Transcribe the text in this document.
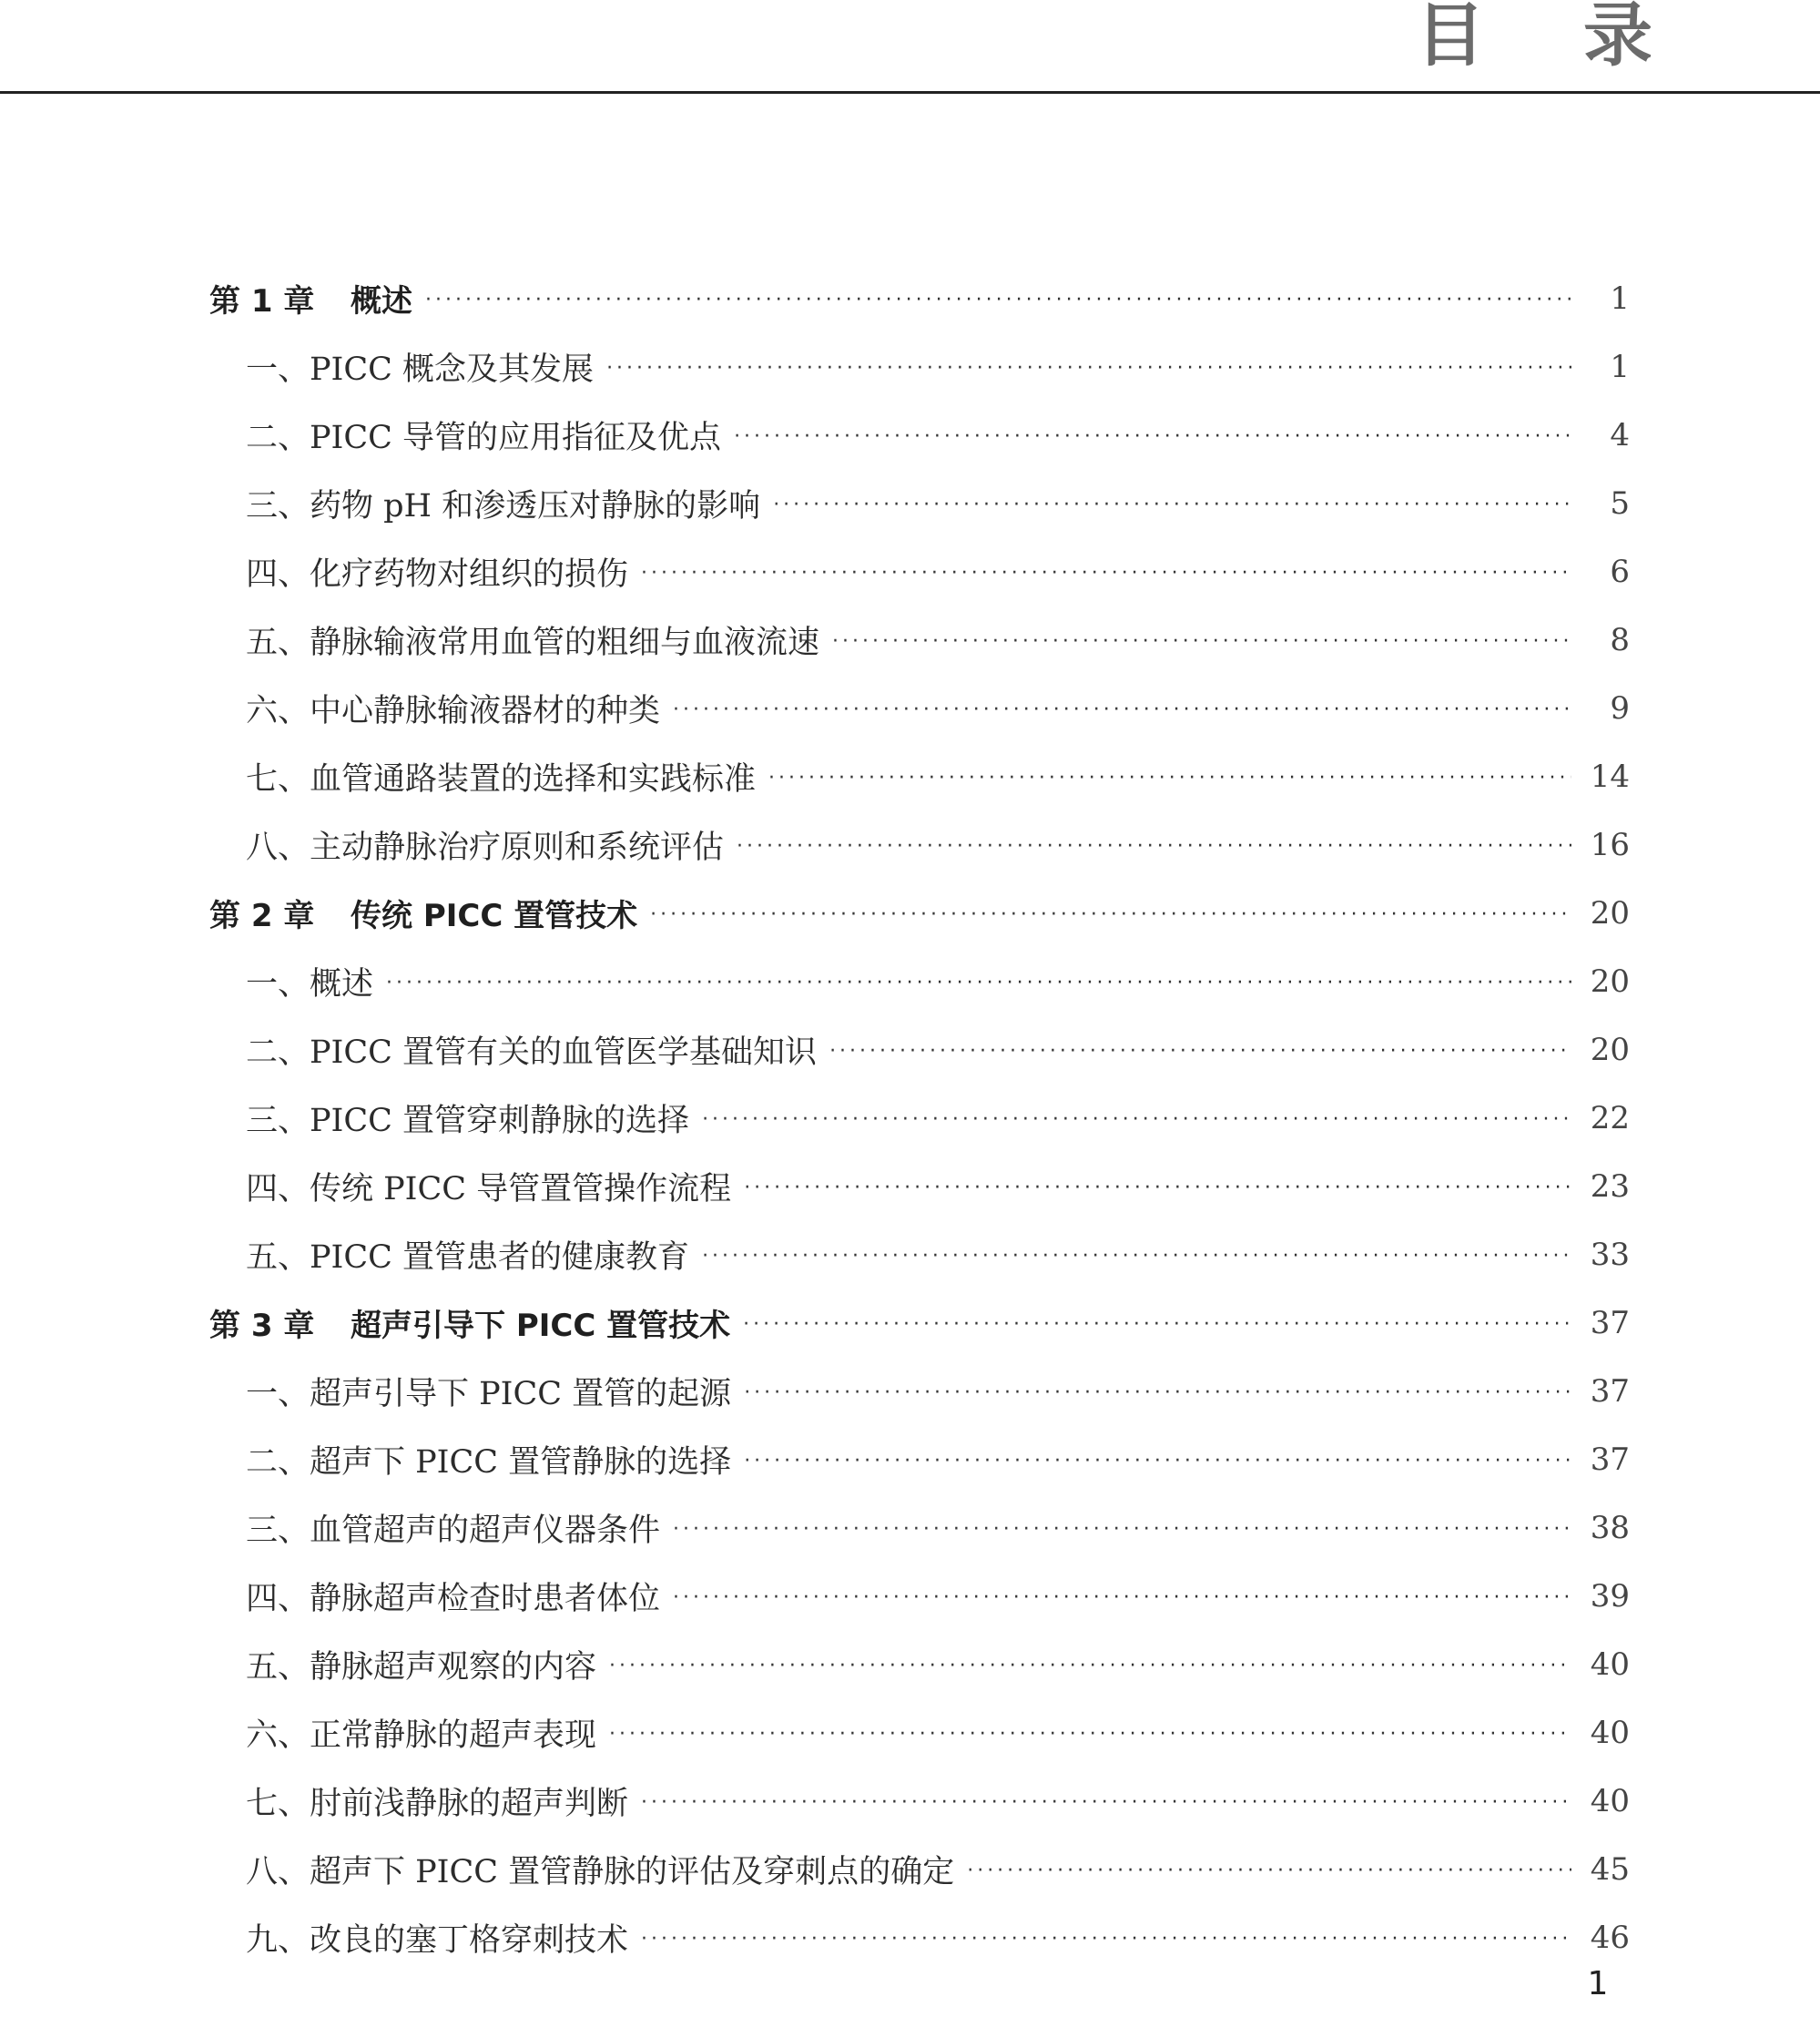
目 录
第 1 章 概述 ·····	1
一、PICC 概念及其发展 ·····	1
二、PICC 导管的应用指征及优点 ·····	4
三、药物 pH 和渗透压对静脉的影响 ·····	5
四、化疗药物对组织的损伤 ·····	6
五、静脉输液常用血管的粗细与血液流速 ·····	8
六、中心静脉输液器材的种类 ·····	9
七、血管通路装置的选择和实践标准 ·····	14
八、主动静脉治疗原则和系统评估 ·····	16
第 2 章 传统 PICC 置管技术 ·····	20
一、概述 ·····	20
二、PICC 置管有关的血管医学基础知识 ·····	20
三、PICC 置管穿刺静脉的选择 ·····	22
四、传统 PICC 导管置管操作流程 ·····	23
五、PICC 置管患者的健康教育 ·····	33
第 3 章 超声引导下 PICC 置管技术 ·····	37
一、超声引导下 PICC 置管的起源 ·····	37
二、超声下 PICC 置管静脉的选择 ·····	37
三、血管超声的超声仪器条件 ·····	38
四、静脉超声检查时患者体位 ·····	39
五、静脉超声观察的内容 ·····	40
六、正常静脉的超声表现 ·····	40
七、肘前浅静脉的超声判断 ·····	40
八、超声下 PICC 置管静脉的评估及穿刺点的确定 ·····	45
九、改良的塞丁格穿刺技术 ·····	46
1
